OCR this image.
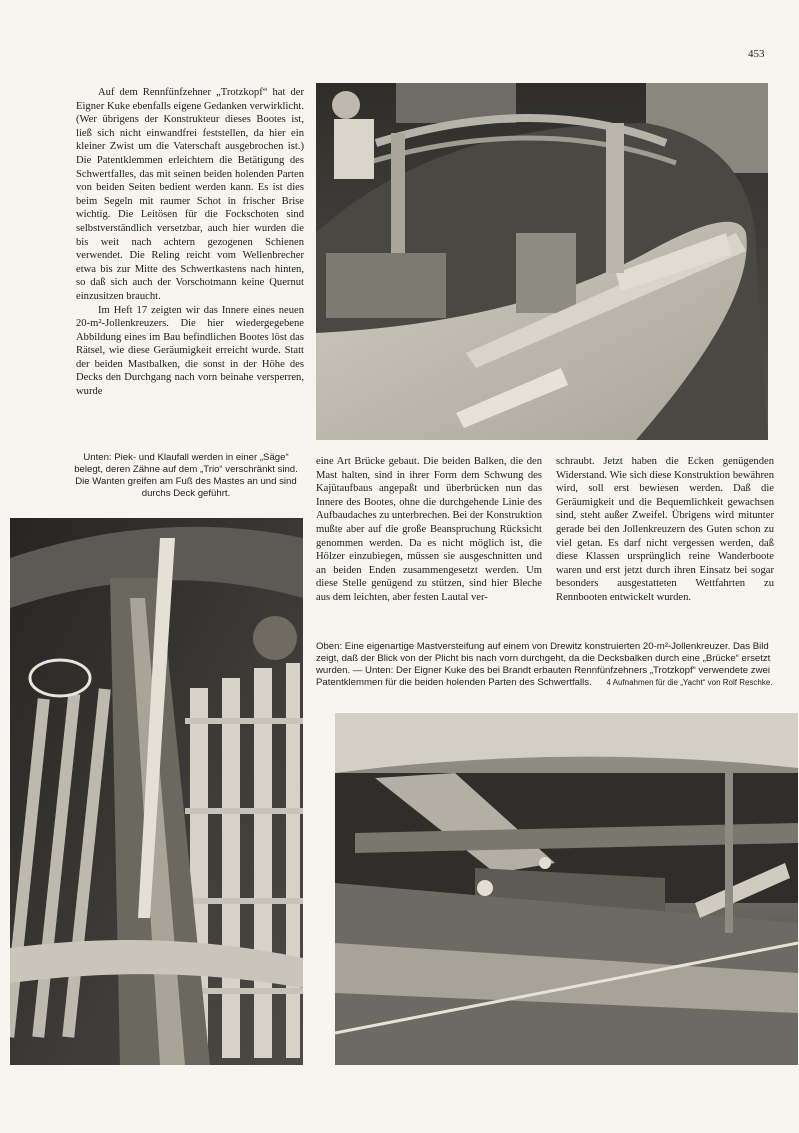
453

Auf dem Rennfünfzehner „Trotzkopf“ hat der Eigner Kuke ebenfalls eigene Gedanken verwirklicht. (Wer übrigens der Konstrukteur dieses Bootes ist, ließ sich nicht einwandfrei feststellen, da hier ein kleiner Zwist um die Vaterschaft ausgebrochen ist.) Die Patentklemmen erleichtern die Betätigung des Schwertfalles, das mit seinen beiden holenden Parten von beiden Seiten bedient werden kann. Es ist dies beim Segeln mit raumer Schot in frischer Brise wichtig. Die Leitösen für die Fockschoten sind selbstverständlich versetzbar, auch hier wurden die bis weit nach achtern gezogenen Schienen verwendet. Die Reling reicht vom Wellenbrecher etwa bis zur Mitte des Schwertkastens nach hinten, so daß sich auch der Vorschotmann keine Quernut einzusitzen braucht.

Im Heft 17 zeigten wir das Innere eines neuen 20-m²-Jollenkreuzers. Die hier wiedergegebene Abbildung eines im Bau befindlichen Bootes löst das Rätsel, wie diese Geräumigkeit erreicht wurde. Statt der beiden Mastbalken, die sonst in der Höhe des Decks den Durchgang nach vorn beinahe versperren, wurde

Unten: Piek- und Klaufall werden in einer „Säge“ belegt, deren Zähne auf dem „Trio“ verschränkt sind. Die Wanten greifen am Fuß des Mastes an und sind durchs Deck geführt.
eine Art Brücke gebaut. Die beiden Balken, die den Mast halten, sind in ihrer Form dem Schwung des Kajütaufbaus angepaßt und überbrücken nun das Innere des Bootes, ohne die durchgehende Linie des Aufbaudaches zu unterbrechen. Bei der Konstruktion mußte aber auf die große Beanspruchung Rücksicht genommen werden. Da es nicht möglich ist, die Hölzer einzubiegen, müssen sie ausgeschnitten und an beiden Enden zusammengesetzt werden. Um diese Stelle genügend zu stützen, sind hier Bleche aus dem leichten, aber festen Lautal ver-
schraubt. Jetzt haben die Ecken genügenden Widerstand. Wie sich diese Konstruktion bewähren wird, soll erst bewiesen werden. Daß die Geräumigkeit und die Bequemlichkeit gewachsen sind, steht außer Zweifel. Übrigens wird mitunter gerade bei den Jollenkreuzern des Guten schon zu viel getan. Es darf nicht vergessen werden, daß diese Klassen ursprünglich reine Wanderboote waren und erst jetzt durch ihren Einsatz bei sogar besonders ausgestatteten Wettfahrten zu Rennbooten entwickelt wurden.
Oben: Eine eigenartige Mastversteifung auf einem von Drewitz konstruierten 20-m²-Jollenkreuzer. Das Bild zeigt, daß der Blick von der Plicht bis nach vorn durchgeht, da die Decksbalken durch eine „Brücke“ ersetzt wurden. — Unten: Der Eigner Kuke des bei Brandt erbauten Rennfünfzehners „Trotzkopf“ verwendete zwei Patentklemmen für die beiden holenden Parten des Schwertfalls. 4 Aufnahmen für die „Yacht“ von Rolf Reschke.
